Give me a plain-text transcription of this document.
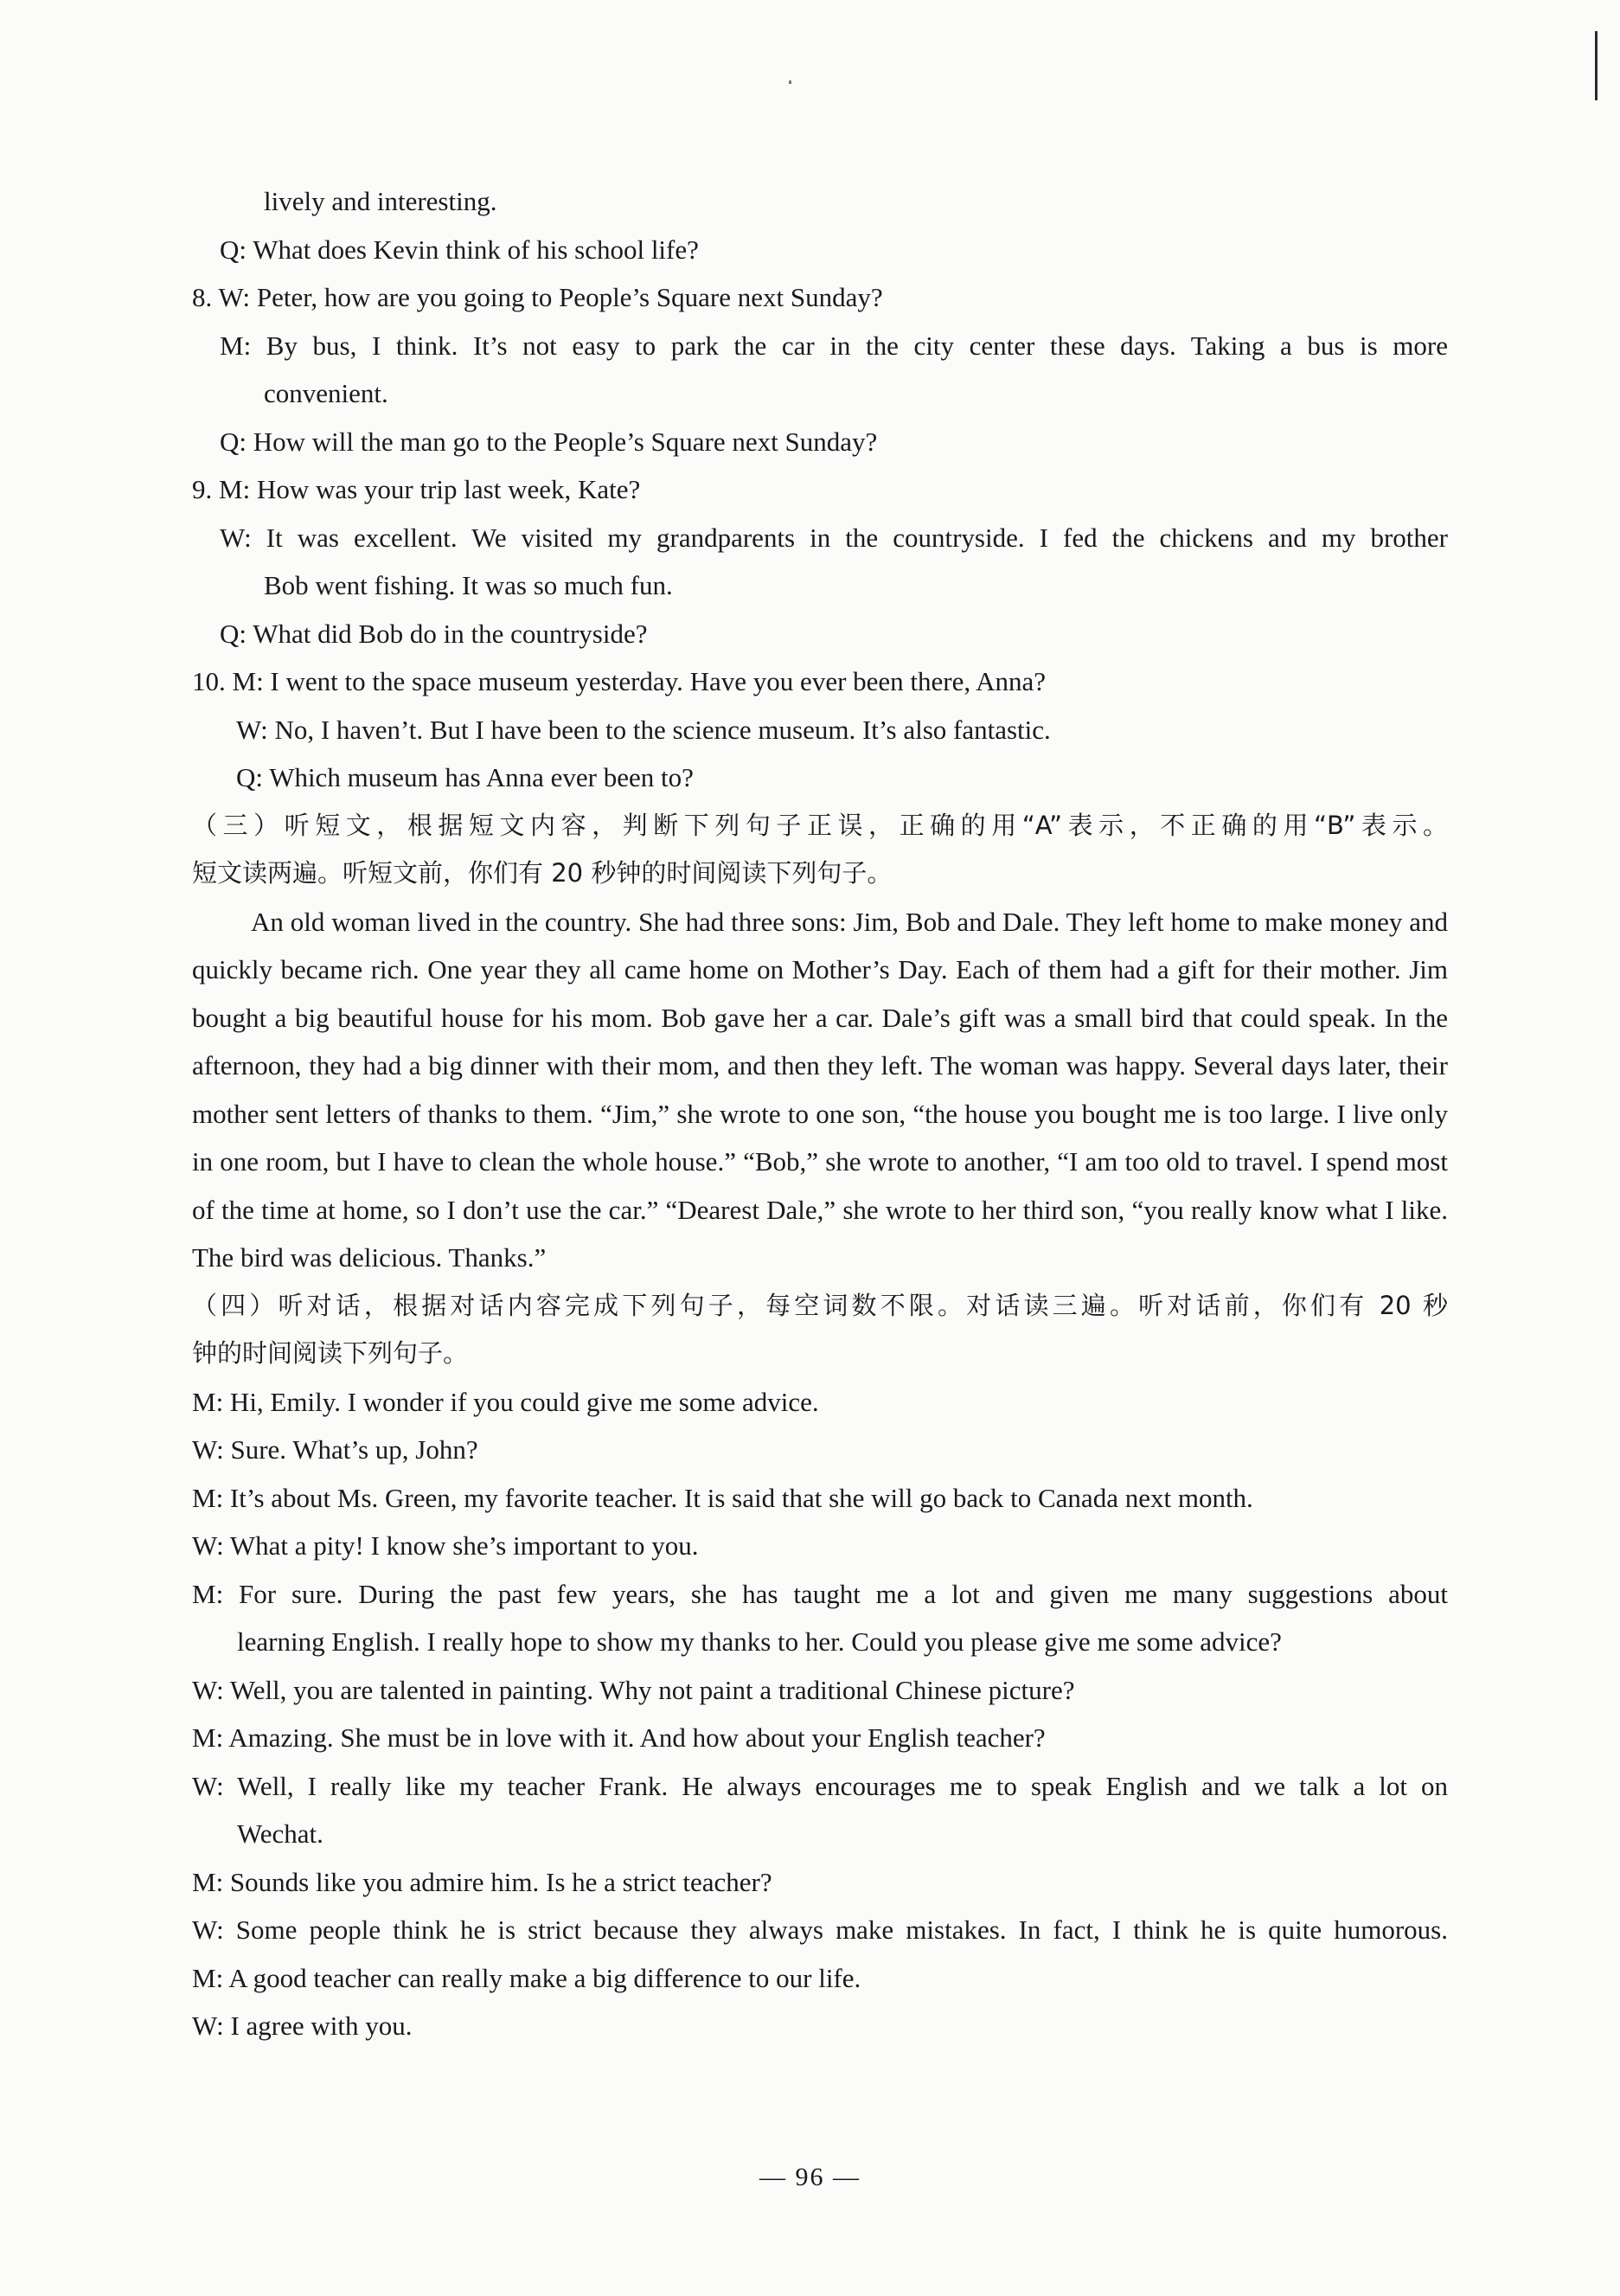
lively and interesting.
Q: What does Kevin think of his school life?
8. W: Peter, how are you going to People’s Square next Sunday?
M: By bus, I think. It’s not easy to park the car in the city center these days. Taking a bus is more
convenient.
Q: How will the man go to the People’s Square next Sunday?
9. M: How was your trip last week, Kate?
W: It was excellent. We visited my grandparents in the countryside. I fed the chickens and my brother
Bob went fishing. It was so much fun.
Q: What did Bob do in the countryside?
10. M: I went to the space museum yesterday. Have you ever been there, Anna?
W: No, I haven’t. But I have been to the science museum. It’s also fantastic.
Q: Which museum has Anna ever been to?
（三）听短文，根据短文内容，判断下列句子正误，正确的用“A”表示，不正确的用“B”表示。
短文读两遍。听短文前，你们有 20 秒钟的时间阅读下列句子。
An old woman lived in the country. She had three sons: Jim, Bob and Dale. They left home to make money and quickly became rich. One year they all came home on Mother’s Day. Each of them had a gift for their mother. Jim bought a big beautiful house for his mom. Bob gave her a car. Dale’s gift was a small bird that could speak. In the afternoon, they had a big dinner with their mom, and then they left. The woman was happy. Several days later, their mother sent letters of thanks to them. “Jim,” she wrote to one son, “the house you bought me is too large. I live only in one room, but I have to clean the whole house.” “Bob,” she wrote to another, “I am too old to travel. I spend most of the time at home, so I don’t use the car.” “Dearest Dale,” she wrote to her third son, “you really know what I like. The bird was delicious. Thanks.”
（四）听对话，根据对话内容完成下列句子，每空词数不限。对话读三遍。听对话前，你们有 20 秒
钟的时间阅读下列句子。
M: Hi, Emily. I wonder if you could give me some advice.
W: Sure. What’s up, John?
M: It’s about Ms. Green, my favorite teacher. It is said that she will go back to Canada next month.
W: What a pity! I know she’s important to you.
M: For sure. During the past few years, she has taught me a lot and given me many suggestions about
learning English. I really hope to show my thanks to her. Could you please give me some advice?
W: Well, you are talented in painting. Why not paint a traditional Chinese picture?
M: Amazing. She must be in love with it. And how about your English teacher?
W: Well, I really like my teacher Frank. He always encourages me to speak English and we talk a lot on
Wechat.
M: Sounds like you admire him. Is he a strict teacher?
W: Some people think he is strict because they always make mistakes. In fact, I think he is quite humorous.
M: A good teacher can really make a big difference to our life.
W: I agree with you.
— 96 —
